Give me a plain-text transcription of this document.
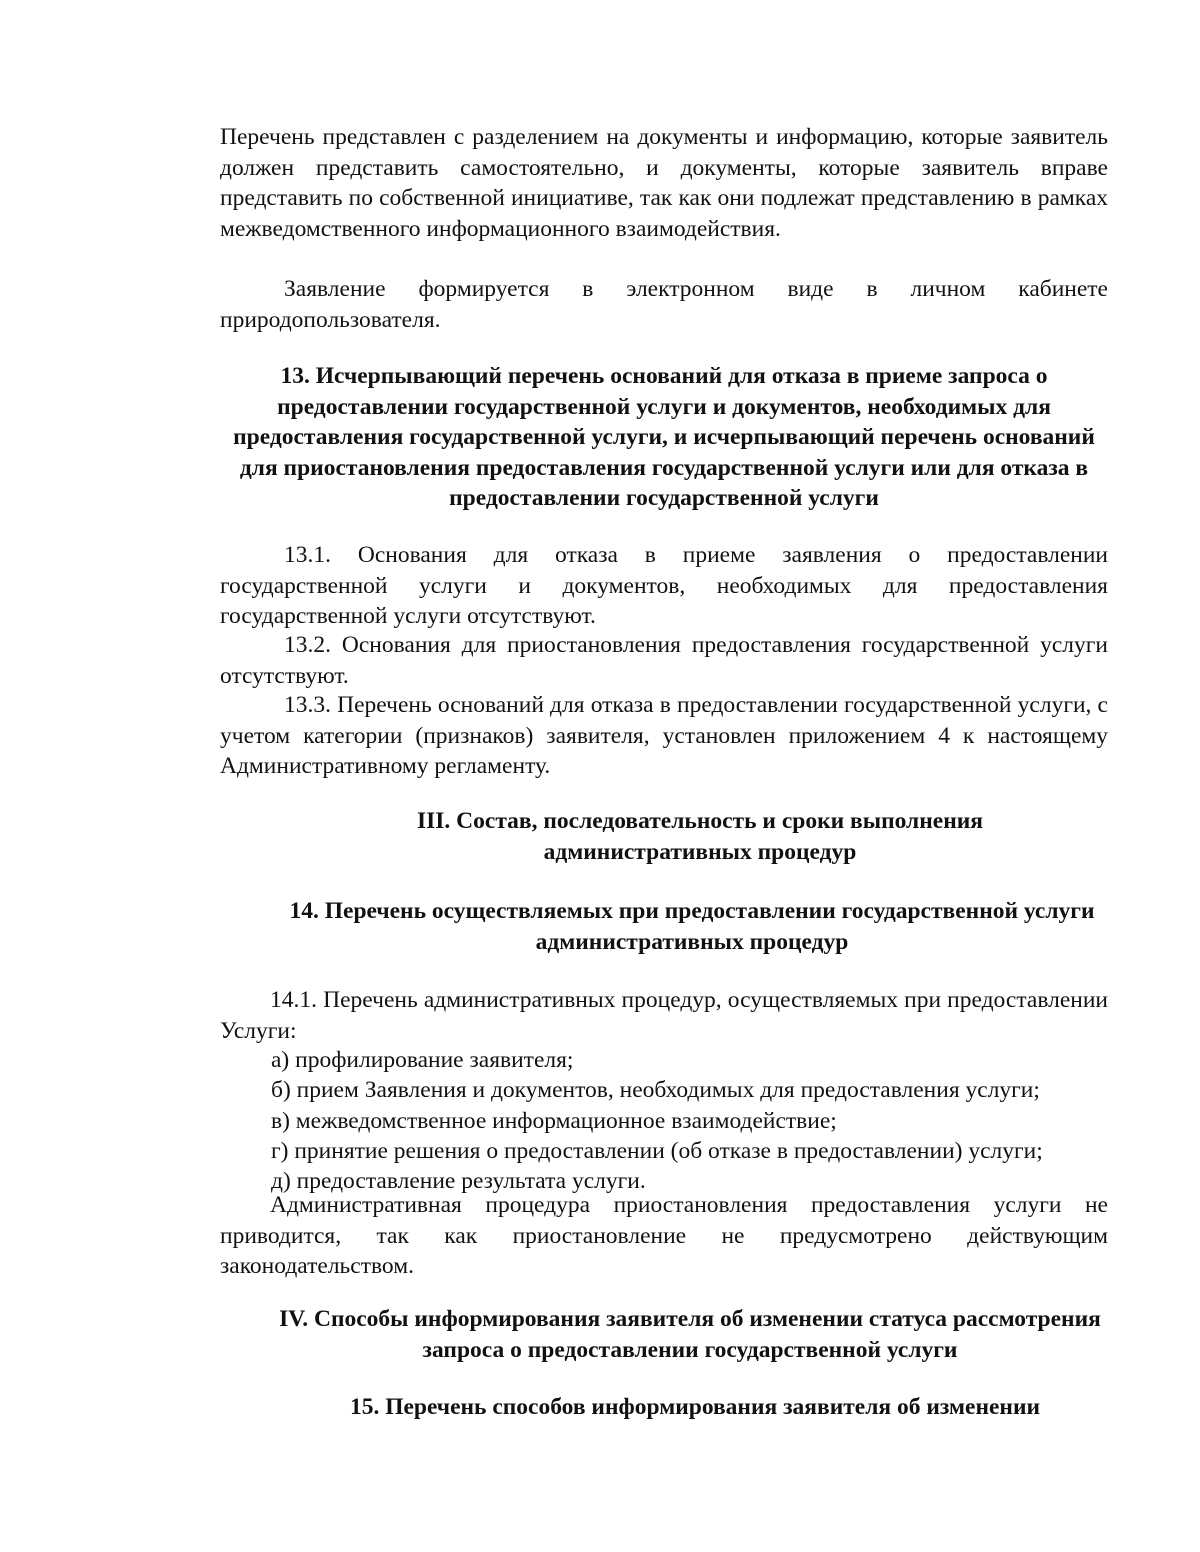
Перечень представлен с разделением на документы и информацию, которые заявитель должен представить самостоятельно, и документы, которые заявитель вправе представить по собственной инициативе, так как они подлежат представлению в рамках межведомственного информационного взаимодействия.

Заявление формируется в электронном виде в личном кабинете природопользователя.

13. Исчерпывающий перечень оснований для отказа в приеме запроса о предоставлении государственной услуги и документов, необходимых для предоставления государственной услуги, и исчерпывающий перечень оснований для приостановления предоставления государственной услуги или для отказа в предоставлении государственной услуги

13.1. Основания для отказа в приеме заявления о предоставлении государственной услуги и документов, необходимых для предоставления государственной услуги отсутствуют.

13.2. Основания для приостановления предоставления государственной услуги отсутствуют.

13.3. Перечень оснований для отказа в предоставлении государственной услуги, с учетом категории (признаков) заявителя, установлен приложением 4 к настоящему Административному регламенту.

III. Состав, последовательность и сроки выполнения административных процедур
14. Перечень осуществляемых при предоставлении государственной услуги административных процедур

14.1. Перечень административных процедур, осуществляемых при предоставлении Услуги:

а) профилирование заявителя;

б) прием Заявления и документов, необходимых для предоставления услуги;

в) межведомственное информационное взаимодействие;

г) принятие решения о предоставлении (об отказе в предоставлении) услуги;

д) предоставление результата услуги.

Административная процедура приостановления предоставления услуги не приводится, так как приостановление не предусмотрено действующим законодательством.

IV. Способы информирования заявителя об изменении статуса рассмотрения запроса о предоставлении государственной услуги
15. Перечень способов информирования заявителя об изменении
